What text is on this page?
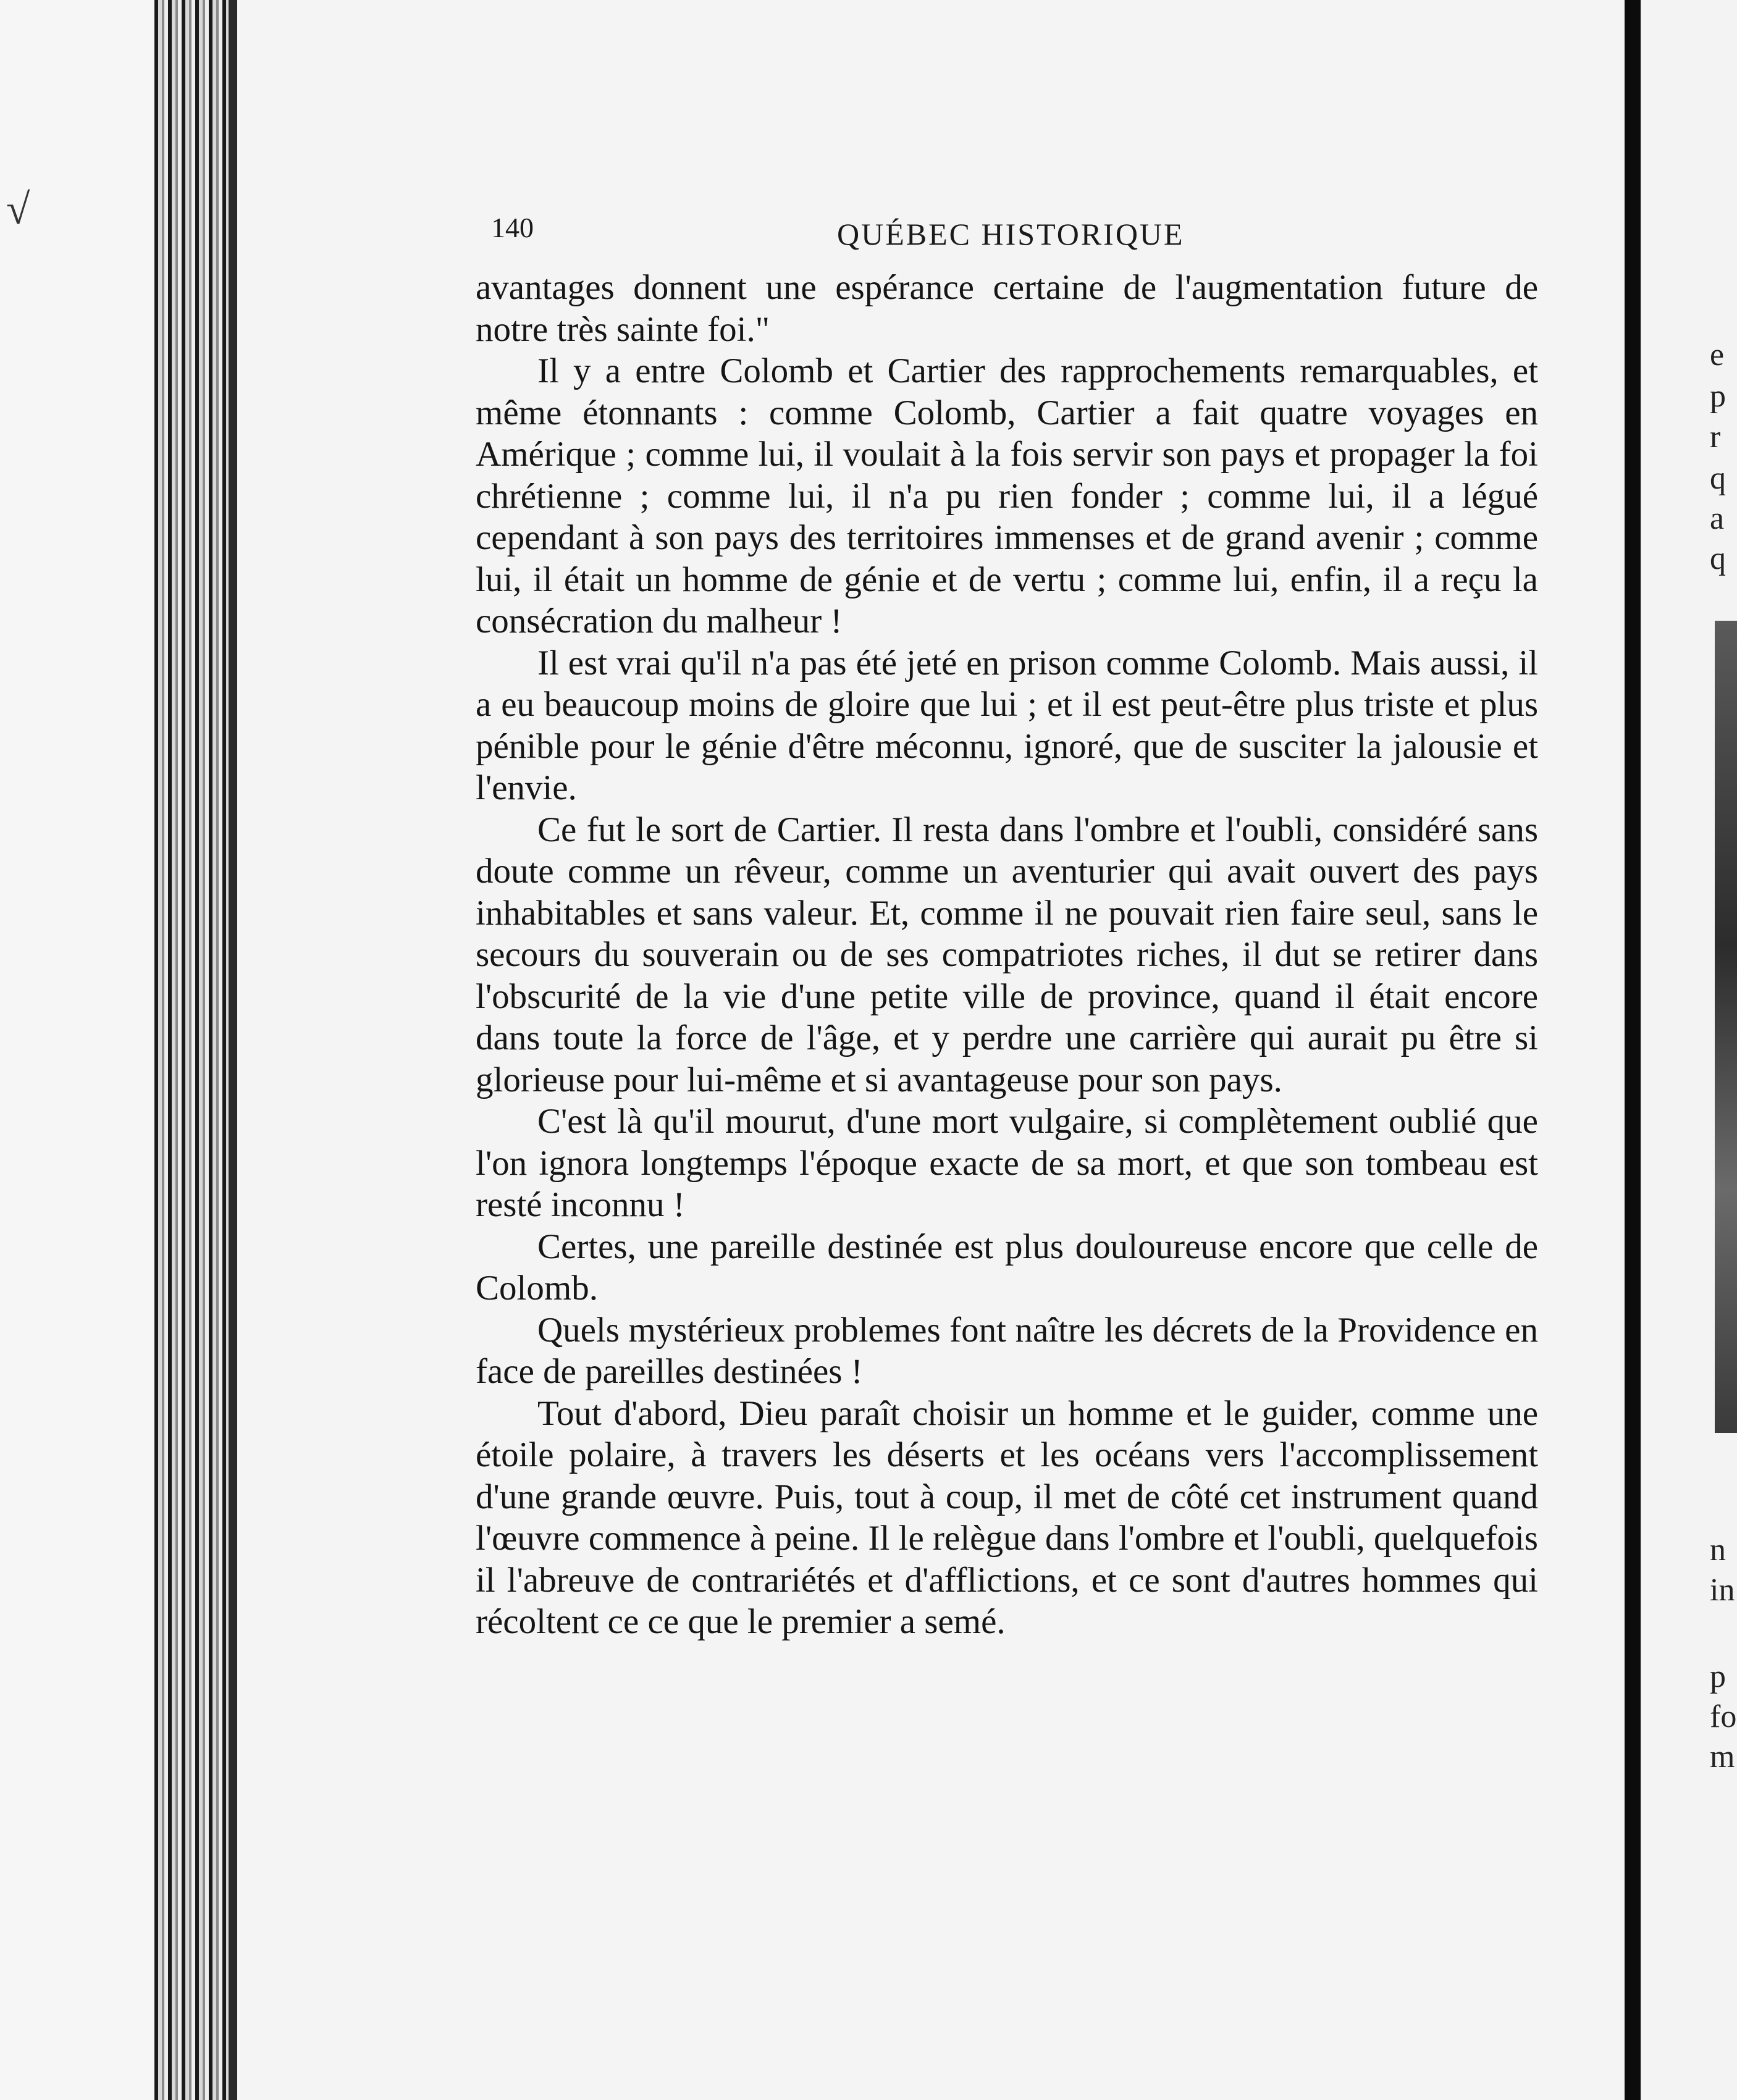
√	140	QUÉBEC HISTORIQUE

avantages donnent une espérance certaine de l'augmentation future de notre très sainte foi."

Il y a entre Colomb et Cartier des rapprochements remarquables, et même étonnants : comme Colomb, Cartier a fait quatre voyages en Amérique ; comme lui, il voulait à la fois servir son pays et propager la foi chrétienne ; comme lui, il n'a pu rien fonder ; comme lui, il a légué cependant à son pays des territoires immenses et de grand avenir ; comme lui, il était un homme de génie et de vertu ; comme lui, enfin, il a reçu la consécration du malheur !

Il est vrai qu'il n'a pas été jeté en prison comme Colomb. Mais aussi, il a eu beaucoup moins de gloire que lui ; et il est peut-être plus triste et plus pénible pour le génie d'être méconnu, ignoré, que de susciter la jalousie et l'envie.

Ce fut le sort de Cartier. Il resta dans l'ombre et l'oubli, considéré sans doute comme un rêveur, comme un aventurier qui avait ouvert des pays inhabitables et sans valeur. Et, comme il ne pouvait rien faire seul, sans le secours du souverain ou de ses compatriotes riches, il dut se retirer dans l'obscurité de la vie d'une petite ville de province, quand il était encore dans toute la force de l'âge, et y perdre une carrière qui aurait pu être si glorieuse pour lui-même et si avantageuse pour son pays.

C'est là qu'il mourut, d'une mort vulgaire, si complètement oublié que l'on ignora longtemps l'époque exacte de sa mort, et que son tombeau est resté inconnu !

Certes, une pareille destinée est plus douloureuse encore que celle de Colomb.

Quels mystérieux problemes font naître les décrets de la Providence en face de pareilles destinées !

Tout d'abord, Dieu paraît choisir un homme et le guider, comme une étoile polaire, à travers les déserts et les océans vers l'accomplissement d'une grande œuvre. Puis, tout à coup, il met de côté cet instrument quand l'œuvre commence à peine. Il le relègue dans l'ombre et l'oubli, quelquefois il l'abreuve de contrariétés et d'afflictions, et ce sont d'autres hommes qui récoltent ce ce que le premier a semé.

e
p
r
q
a
q
n
in
p
fo
m
